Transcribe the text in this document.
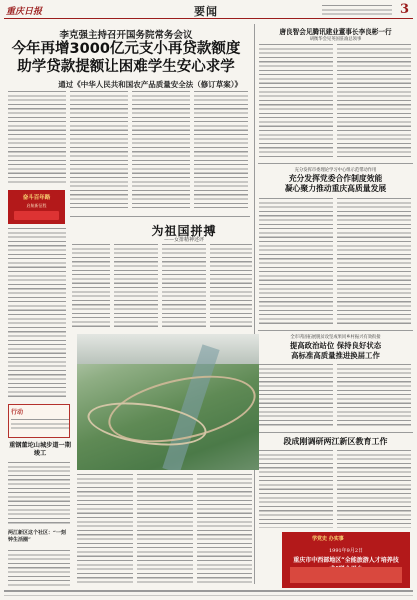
重庆日报	要闻	3
李克强主持召开国务院常务会议
今年再增3000亿元支小再贷款额度
助学贷款提额让困难学生安心求学
通过《中华人民共和国农产品质量安全法（修订草案）》
奋斗百年路
启航新征程
唐良智会见腾讯建业董事长李良彬一行
胡衡华会见英国驻渝总领事
充分发挥市委理论学习中心组示范带动作用
充分发挥党委合作制度效能
凝心聚力推动重庆高质量发展
全市巩固拓展脱贫攻坚成果同乡村振兴有效衔接
提高政治站位 保持良好状态
高标准高质量推进换届工作
段成刚调研两江新区教育工作
为祖国拼搏
——女排精神述评
行动
重钢董坨山城步道一期竣工
两江新区这个社区：“一刻钟生活圈”	学党史 办实事
1991年9月2日
重庆市中西部地区“全能旅游人才培养技
